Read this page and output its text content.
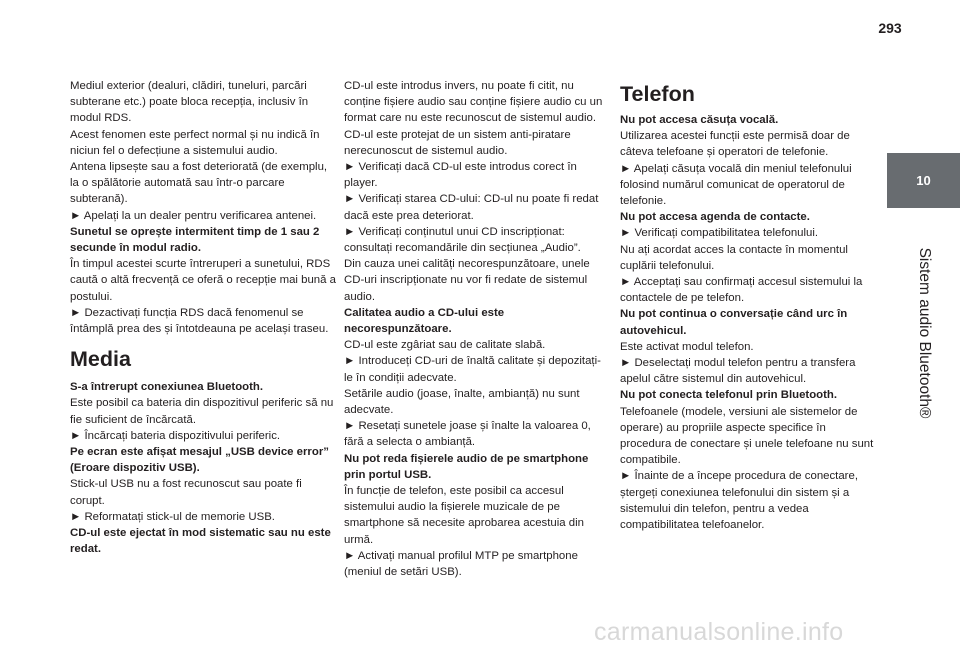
293
10
Sistem audio Bluetooth®

Mediul exterior (dealuri, clădiri, tuneluri, parcări subterane etc.) poate bloca recepția, inclusiv în modul RDS.

Acest fenomen este perfect normal și nu indică în niciun fel o defecțiune a sistemului audio.

Antena lipsește sau a fost deteriorată (de exemplu, la o spălătorie automată sau într-o parcare subterană).

► Apelați la un dealer pentru verificarea antenei.

Sunetul se oprește intermitent timp de 1 sau 2 secunde în modul radio.

În timpul acestei scurte întreruperi a sunetului, RDS caută o altă frecvență ce oferă o recepție mai bună a postului.

► Dezactivați funcția RDS dacă fenomenul se întâmplă prea des și întotdeauna pe același traseu.

Media

S-a întrerupt conexiunea Bluetooth.

Este posibil ca bateria din dispozitivul periferic să nu fie suficient de încărcată.

► Încărcați bateria dispozitivului periferic.

Pe ecran este afișat mesajul „USB device error” (Eroare dispozitiv USB).

Stick-ul USB nu a fost recunoscut sau poate fi corupt.

► Reformatați stick-ul de memorie USB.

CD-ul este ejectat în mod sistematic sau nu este redat.

CD-ul este introdus invers, nu poate fi citit, nu conține fișiere audio sau conține fișiere audio cu un format care nu este recunoscut de sistemul audio.

CD-ul este protejat de un sistem anti-piratare nerecunoscut de sistemul audio.

► Verificați dacă CD-ul este introdus corect în player.

► Verificați starea CD-ului: CD-ul nu poate fi redat dacă este prea deteriorat.

► Verificați conținutul unui CD inscripționat: consultați recomandările din secțiunea „Audio”.

Din cauza unei calități necorespunzătoare, unele CD-uri inscripționate nu vor fi redate de sistemul audio.

Calitatea audio a CD-ului este necorespunzătoare.

CD-ul este zgâriat sau de calitate slabă.

► Introduceți CD-uri de înaltă calitate și depozitați-le în condiții adecvate.

Setările audio (joase, înalte, ambianță) nu sunt adecvate.

► Resetați sunetele joase și înalte la valoarea 0, fără a selecta o ambianță.

Nu pot reda fișierele audio de pe smartphone prin portul USB.

În funcție de telefon, este posibil ca accesul sistemului audio la fișierele muzicale de pe smartphone să necesite aprobarea acestuia din urmă.

► Activați manual profilul MTP pe smartphone (meniul de setări USB).

Telefon

Nu pot accesa căsuța vocală.

Utilizarea acestei funcții este permisă doar de câteva telefoane și operatori de telefonie.

► Apelați căsuța vocală din meniul telefonului folosind numărul comunicat de operatorul de telefonie.

Nu pot accesa agenda de contacte.

► Verificați compatibilitatea telefonului.

Nu ați acordat acces la contacte în momentul cuplării telefonului.

► Acceptați sau confirmați accesul sistemului la contactele de pe telefon.

Nu pot continua o conversație când urc în autovehicul.

Este activat modul telefon.

► Deselectați modul telefon pentru a transfera apelul către sistemul din autovehicul.

Nu pot conecta telefonul prin Bluetooth.

Telefoanele (modele, versiuni ale sistemelor de operare) au propriile aspecte specifice în procedura de conectare și unele telefoane nu sunt compatibile.

► Înainte de a începe procedura de conectare, ștergeți conexiunea telefonului din sistem și a sistemului din telefon, pentru a vedea compatibilitatea telefoanelor.

carmanualsonline.info
